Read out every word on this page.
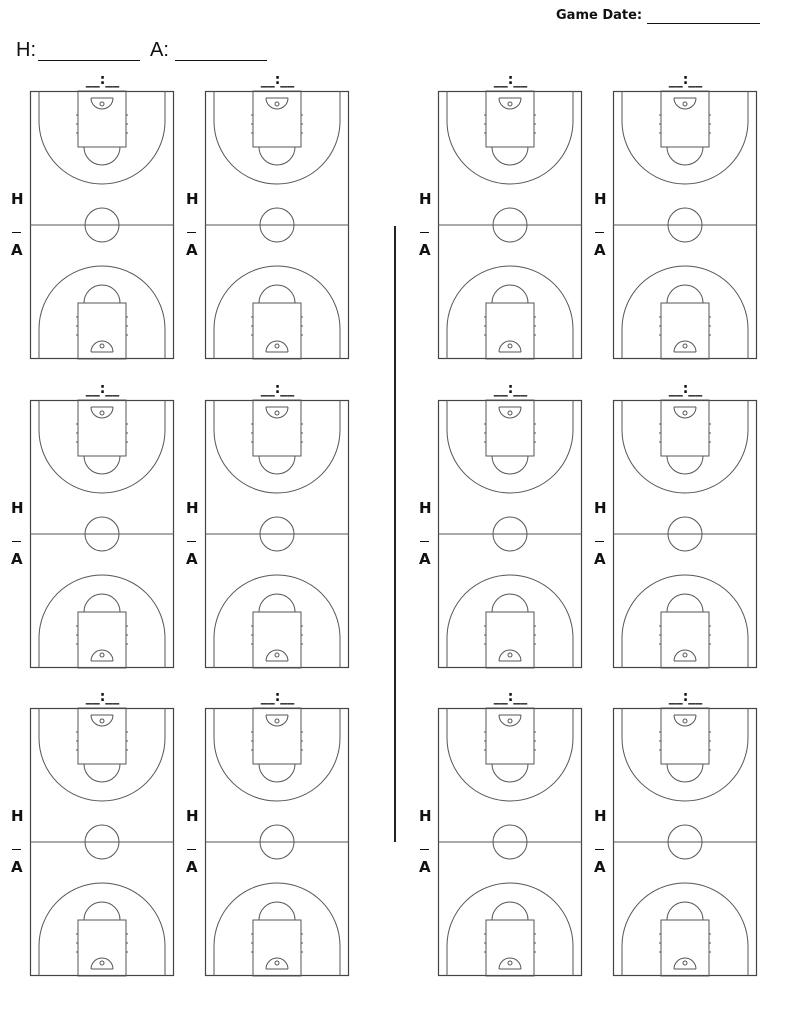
Game Date:
H:	A:
__:__
H
A
__:__
H
A
__:__
H
A
__:__
H
A
__:__
H
A
__:__
H
A
__:__
H
A
__:__
H
A
__:__
H
A
__:__
H
A
__:__
H
A
__:__
H
A
